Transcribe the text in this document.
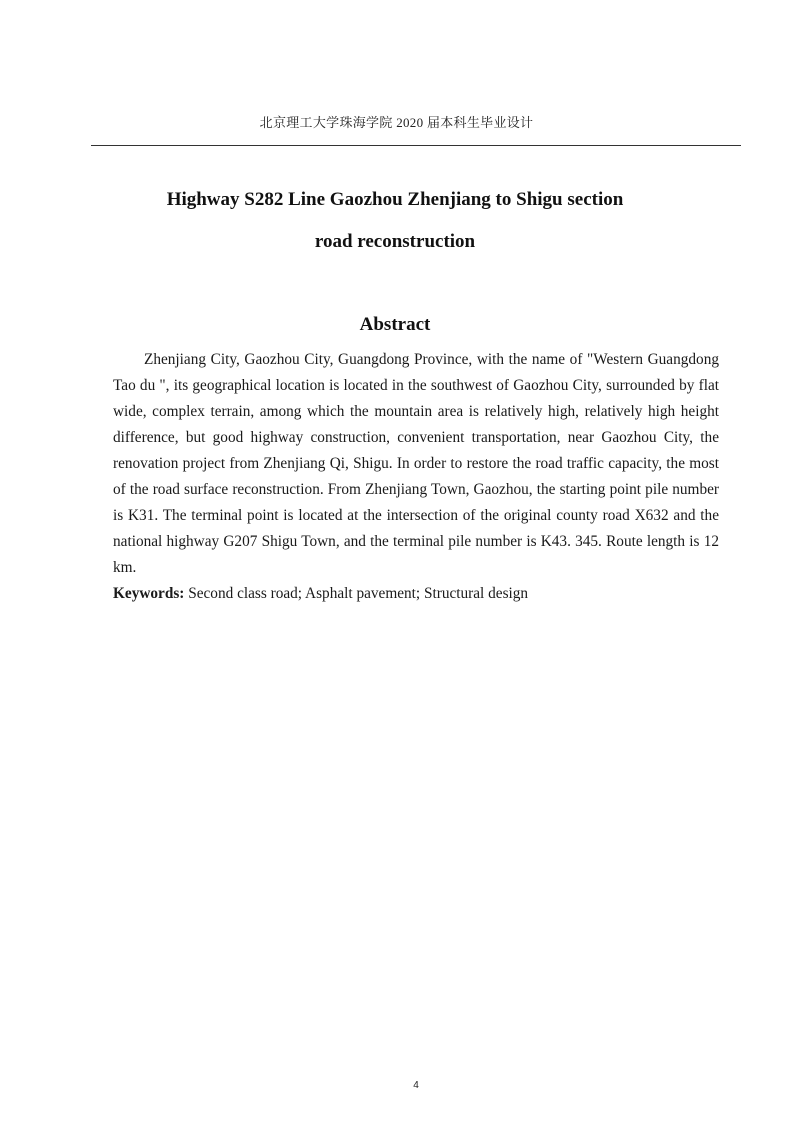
北京理工大学珠海学院 2020 届本科生毕业设计
Highway S282 Line Gaozhou Zhenjiang to Shigu section
road reconstruction
Abstract
Zhenjiang City, Gaozhou City, Guangdong Province, with the name of "Western Guangdong Tao du ", its geographical location is located in the southwest of Gaozhou City, surrounded by flat wide, complex terrain, among which the mountain area is relatively high, relatively high height difference, but good highway construction, convenient transportation, near Gaozhou City, the renovation project from Zhenjiang Qi, Shigu. In order to restore the road traffic capacity, the most of the road surface reconstruction. From Zhenjiang Town, Gaozhou, the starting point pile number is K31. The terminal point is located at the intersection of the original county road X632 and the national highway G207 Shigu Town, and the terminal pile number is K43. 345. Route length is 12 km.
Keywords: Second class road; Asphalt pavement; Structural design
4
